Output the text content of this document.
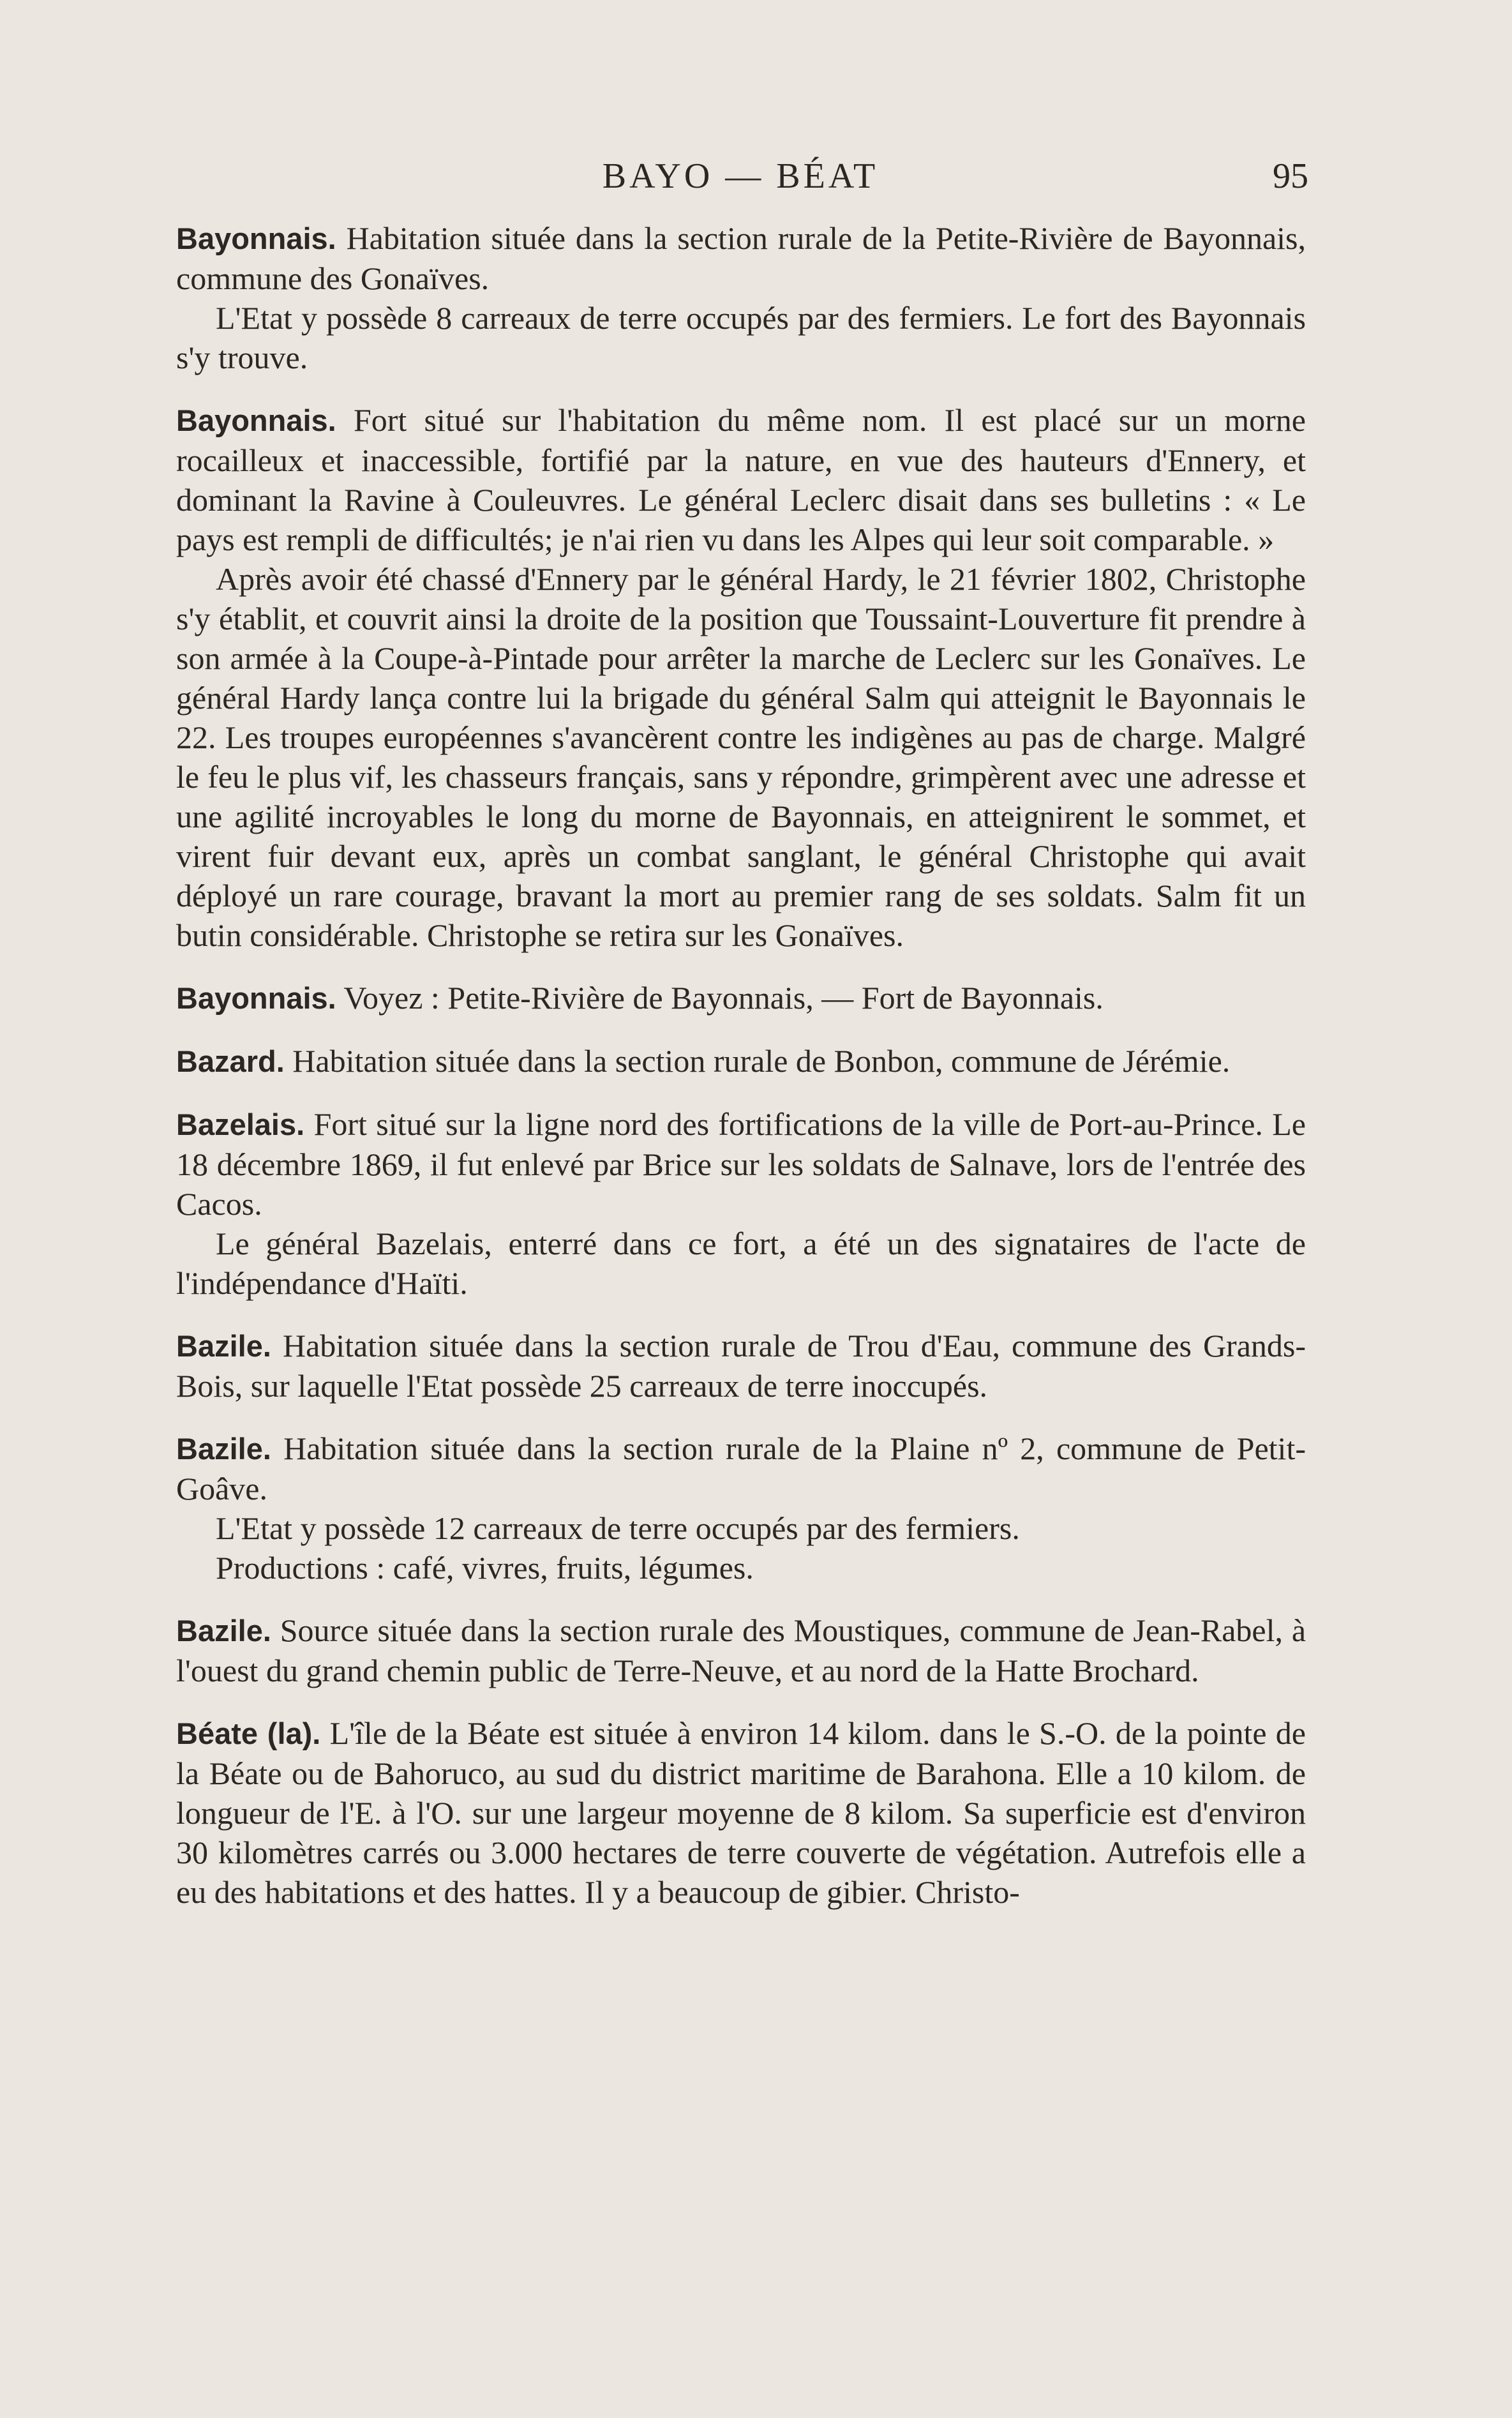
BAYO — BÉAT	95

Bayonnais. Habitation située dans la section rurale de la Petite-Rivière de Bayonnais, commune des Gonaïves.

L'Etat y possède 8 carreaux de terre occupés par des fermiers. Le fort des Bayonnais s'y trouve.

Bayonnais. Fort situé sur l'habitation du même nom. Il est placé sur un morne rocailleux et inaccessible, fortifié par la nature, en vue des hauteurs d'Ennery, et dominant la Ravine à Couleuvres. Le général Leclerc disait dans ses bulletins : « Le pays est rempli de difficultés; je n'ai rien vu dans les Alpes qui leur soit comparable. »

Après avoir été chassé d'Ennery par le général Hardy, le 21 février 1802, Christophe s'y établit, et couvrit ainsi la droite de la position que Toussaint-Louverture fit prendre à son armée à la Coupe-à-Pintade pour arrêter la marche de Leclerc sur les Gonaïves. Le général Hardy lança contre lui la brigade du général Salm qui atteignit le Bayonnais le 22. Les troupes européennes s'avancèrent contre les indigènes au pas de charge. Malgré le feu le plus vif, les chasseurs français, sans y répondre, grimpèrent avec une adresse et une agilité incroyables le long du morne de Bayonnais, en atteignirent le sommet, et virent fuir devant eux, après un combat sanglant, le général Christophe qui avait déployé un rare courage, bravant la mort au premier rang de ses soldats. Salm fit un butin considérable. Christophe se retira sur les Gonaïves.

Bayonnais. Voyez : Petite-Rivière de Bayonnais, — Fort de Bayonnais.

Bazard. Habitation située dans la section rurale de Bonbon, commune de Jérémie.

Bazelais. Fort situé sur la ligne nord des fortifications de la ville de Port-au-Prince. Le 18 décembre 1869, il fut enlevé par Brice sur les soldats de Salnave, lors de l'entrée des Cacos.

Le général Bazelais, enterré dans ce fort, a été un des signataires de l'acte de l'indépendance d'Haïti.

Bazile. Habitation située dans la section rurale de Trou d'Eau, commune des Grands-Bois, sur laquelle l'Etat possède 25 carreaux de terre inoccupés.

Bazile. Habitation située dans la section rurale de la Plaine nº 2, commune de Petit-Goâve.

L'Etat y possède 12 carreaux de terre occupés par des fermiers.

Productions : café, vivres, fruits, légumes.

Bazile. Source située dans la section rurale des Moustiques, commune de Jean-Rabel, à l'ouest du grand chemin public de Terre-Neuve, et au nord de la Hatte Brochard.

Béate (la). L'île de la Béate est située à environ 14 kilom. dans le S.-O. de la pointe de la Béate ou de Bahoruco, au sud du district maritime de Barahona. Elle a 10 kilom. de longueur de l'E. à l'O. sur une largeur moyenne de 8 kilom. Sa superficie est d'environ 30 kilomètres carrés ou 3.000 hectares de terre couverte de végétation. Autrefois elle a eu des habitations et des hattes. Il y a beaucoup de gibier. Christo-
